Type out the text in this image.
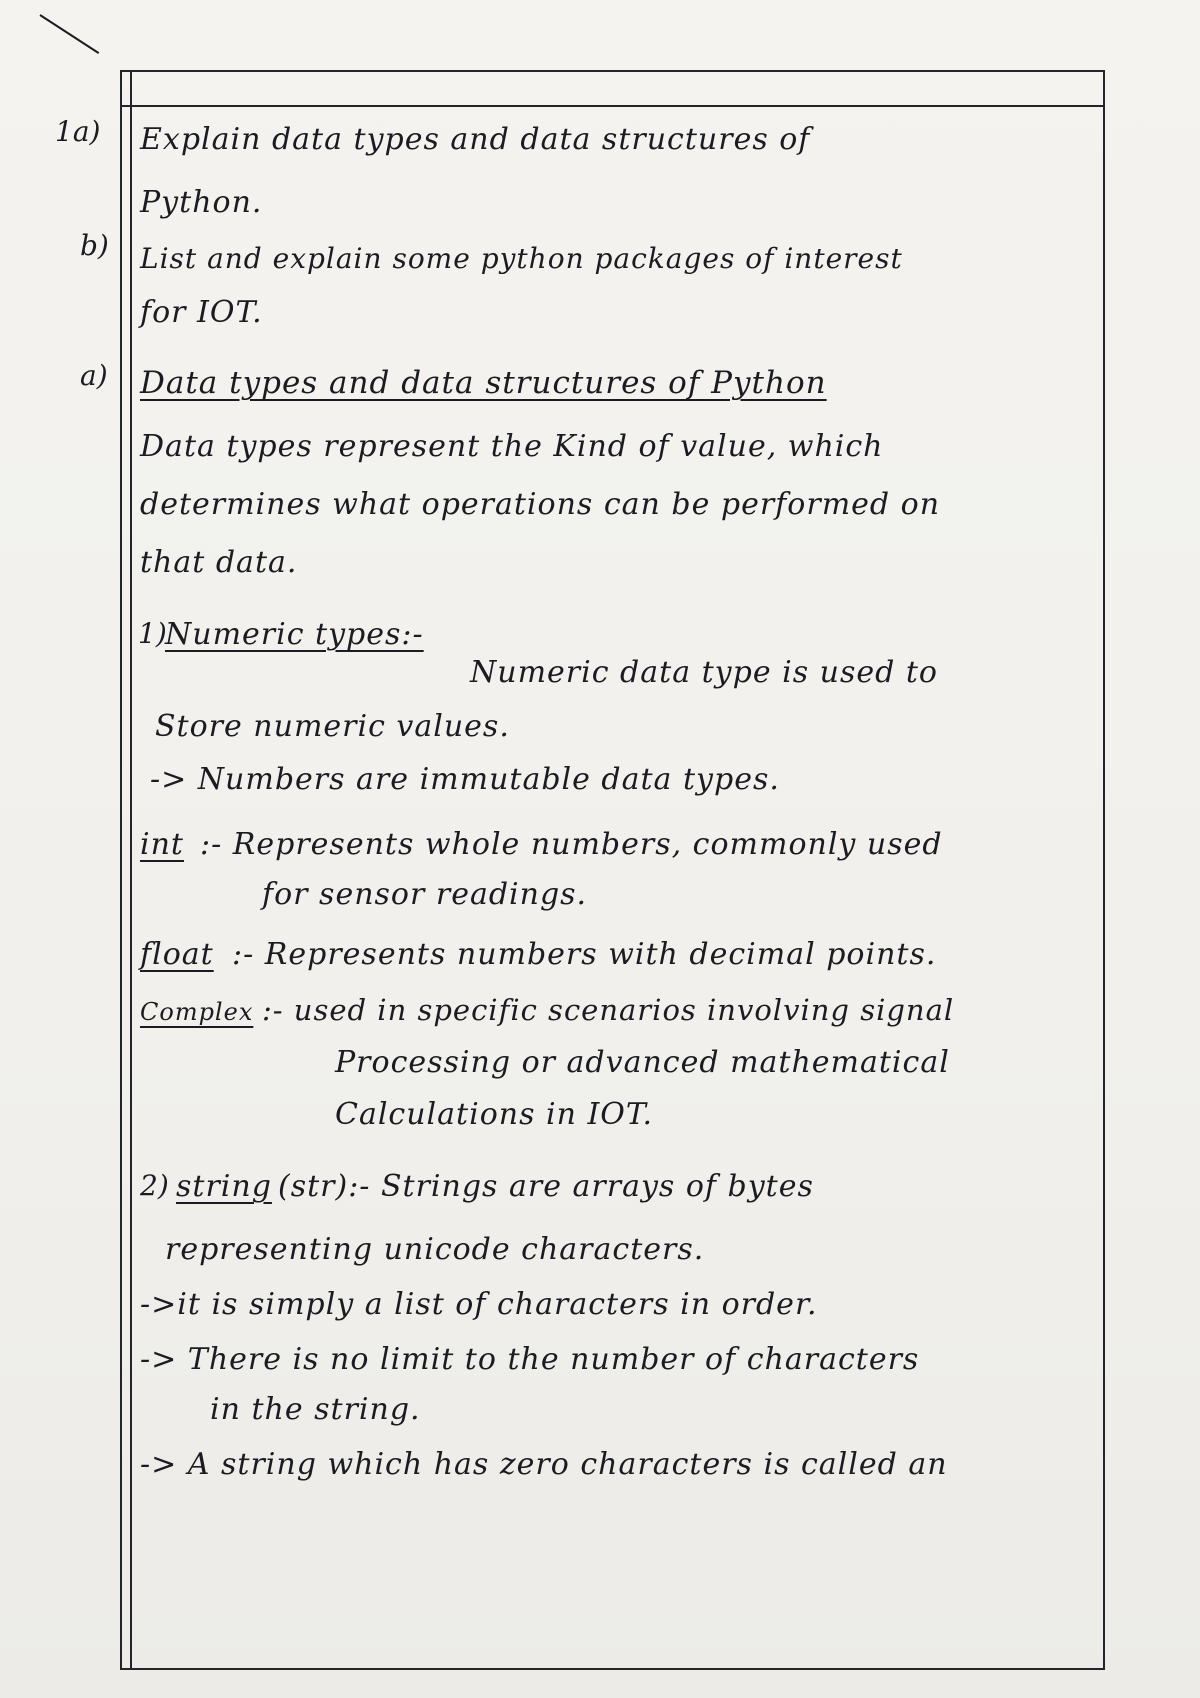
1a) Explain data types and data structures of
Python.
b) List and explain some python packages of interest
for IOT.
a) Data types and data structures of Python
Data types represent the Kind of value, which
determines what operations can be performed on
that data.
1)
Numeric types:-
Numeric data type is used to
Store numeric values.
-> Numbers are immutable data types.
int :- Represents whole numbers, commonly used
for sensor readings.
float :- Represents numbers with decimal points.
Complex :- used in specific scenarios involving signal
Processing or advanced mathematical
Calculations in IOT.
2) string (str):- Strings are arrays of bytes
representing unicode characters.
->it is simply a list of characters in order.
-> There is no limit to the number of characters
in the string.
-> A string which has zero characters is called an
